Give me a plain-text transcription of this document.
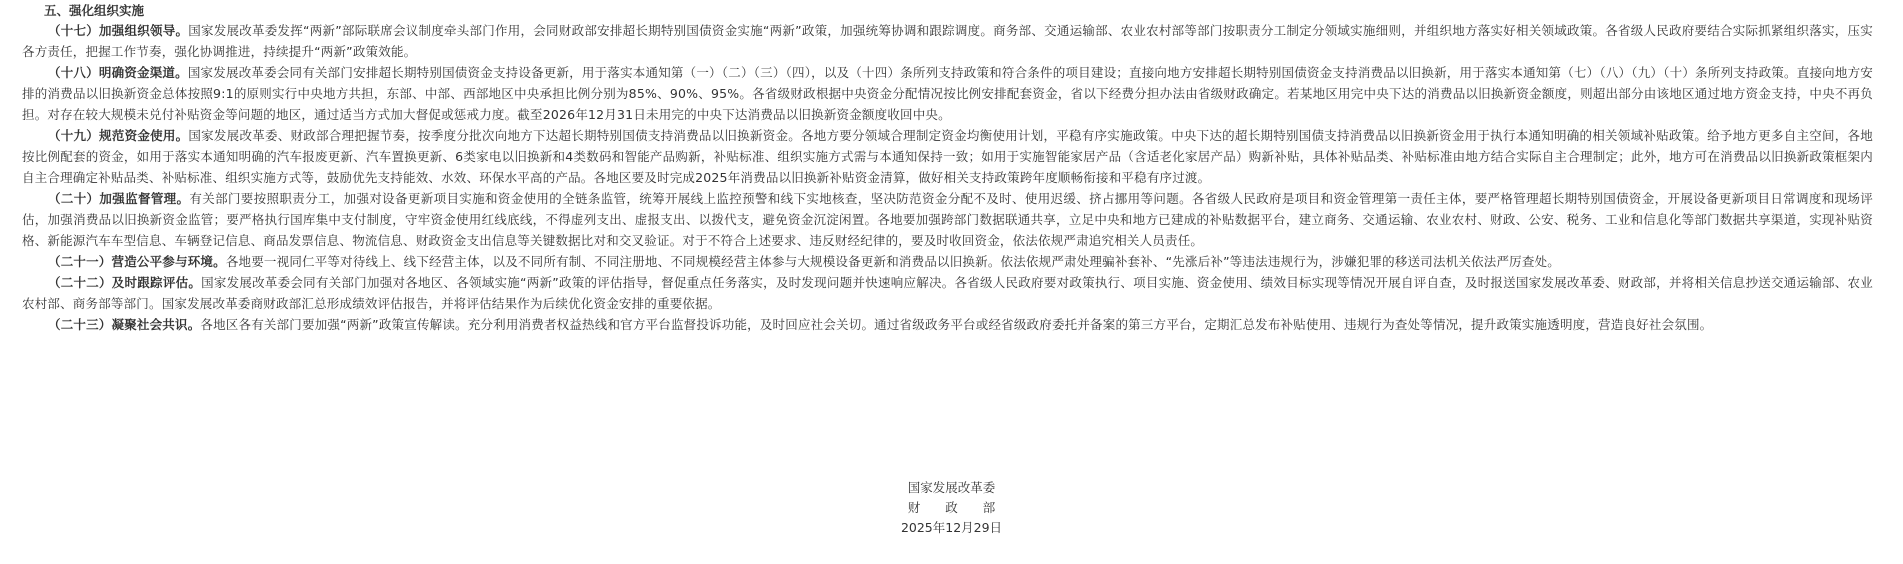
五、强化组织实施

（十七）加强组织领导。国家发展改革委发挥“两新”部际联席会议制度牵头部门作用，会同财政部安排超长期特别国债资金实施“两新”政策，加强统筹协调和跟踪调度。商务部、交通运输部、农业农村部等部门按职责分工制定分领域实施细则，并组织地方落实好相关领域政策。各省级人民政府要结合实际抓紧组织落实，压实各方责任，把握工作节奏，强化协调推进，持续提升“两新”政策效能。

（十八）明确资金渠道。国家发展改革委会同有关部门安排超长期特别国债资金支持设备更新，用于落实本通知第（一）（二）（三）（四），以及（十四）条所列支持政策和符合条件的项目建设；直接向地方安排超长期特别国债资金支持消费品以旧换新，用于落实本通知第（七）（八）（九）（十）条所列支持政策。直接向地方安排的消费品以旧换新资金总体按照9:1的原则实行中央地方共担，东部、中部、西部地区中央承担比例分别为85%、90%、95%。各省级财政根据中央资金分配情况按比例安排配套资金，省以下经费分担办法由省级财政确定。若某地区用完中央下达的消费品以旧换新资金额度，则超出部分由该地区通过地方资金支持，中央不再负担。对存在较大规模未兑付补贴资金等问题的地区，通过适当方式加大督促或惩戒力度。截至2026年12月31日未用完的中央下达消费品以旧换新资金额度收回中央。

（十九）规范资金使用。国家发展改革委、财政部合理把握节奏，按季度分批次向地方下达超长期特别国债支持消费品以旧换新资金。各地方要分领域合理制定资金均衡使用计划，平稳有序实施政策。中央下达的超长期特别国债支持消费品以旧换新资金用于执行本通知明确的相关领域补贴政策。给予地方更多自主空间，各地按比例配套的资金，如用于落实本通知明确的汽车报废更新、汽车置换更新、6类家电以旧换新和4类数码和智能产品购新，补贴标准、组织实施方式需与本通知保持一致；如用于实施智能家居产品（含适老化家居产品）购新补贴，具体补贴品类、补贴标准由地方结合实际自主合理制定；此外，地方可在消费品以旧换新政策框架内自主合理确定补贴品类、补贴标准、组织实施方式等，鼓励优先支持能效、水效、环保水平高的产品。各地区要及时完成2025年消费品以旧换新补贴资金清算，做好相关支持政策跨年度顺畅衔接和平稳有序过渡。

（二十）加强监督管理。有关部门要按照职责分工，加强对设备更新项目实施和资金使用的全链条监管，统筹开展线上监控预警和线下实地核查，坚决防范资金分配不及时、使用迟缓、挤占挪用等问题。各省级人民政府是项目和资金管理第一责任主体，要严格管理超长期特别国债资金，开展设备更新项目日常调度和现场评估，加强消费品以旧换新资金监管；要严格执行国库集中支付制度，守牢资金使用红线底线，不得虚列支出、虚报支出、以拨代支，避免资金沉淀闲置。各地要加强跨部门数据联通共享，立足中央和地方已建成的补贴数据平台，建立商务、交通运输、农业农村、财政、公安、税务、工业和信息化等部门数据共享渠道，实现补贴资格、新能源汽车车型信息、车辆登记信息、商品发票信息、物流信息、财政资金支出信息等关键数据比对和交叉验证。对于不符合上述要求、违反财经纪律的，要及时收回资金，依法依规严肃追究相关人员责任。

（二十一）营造公平参与环境。各地要一视同仁平等对待线上、线下经营主体，以及不同所有制、不同注册地、不同规模经营主体参与大规模设备更新和消费品以旧换新。依法依规严肃处理骗补套补、“先涨后补”等违法违规行为，涉嫌犯罪的移送司法机关依法严厉查处。

（二十二）及时跟踪评估。国家发展改革委会同有关部门加强对各地区、各领域实施“两新”政策的评估指导，督促重点任务落实，及时发现问题并快速响应解决。各省级人民政府要对政策执行、项目实施、资金使用、绩效目标实现等情况开展自评自查，及时报送国家发展改革委、财政部，并将相关信息抄送交通运输部、农业农村部、商务部等部门。国家发展改革委商财政部汇总形成绩效评估报告，并将评估结果作为后续优化资金安排的重要依据。

（二十三）凝聚社会共识。各地区各有关部门要加强“两新”政策宣传解读。充分利用消费者权益热线和官方平台监督投诉功能，及时回应社会关切。通过省级政务平台或经省级政府委托并备案的第三方平台，定期汇总发布补贴使用、违规行为查处等情况，提升政策实施透明度，营造良好社会氛围。

国家发展改革委
财　　政　　部
2025年12月29日
